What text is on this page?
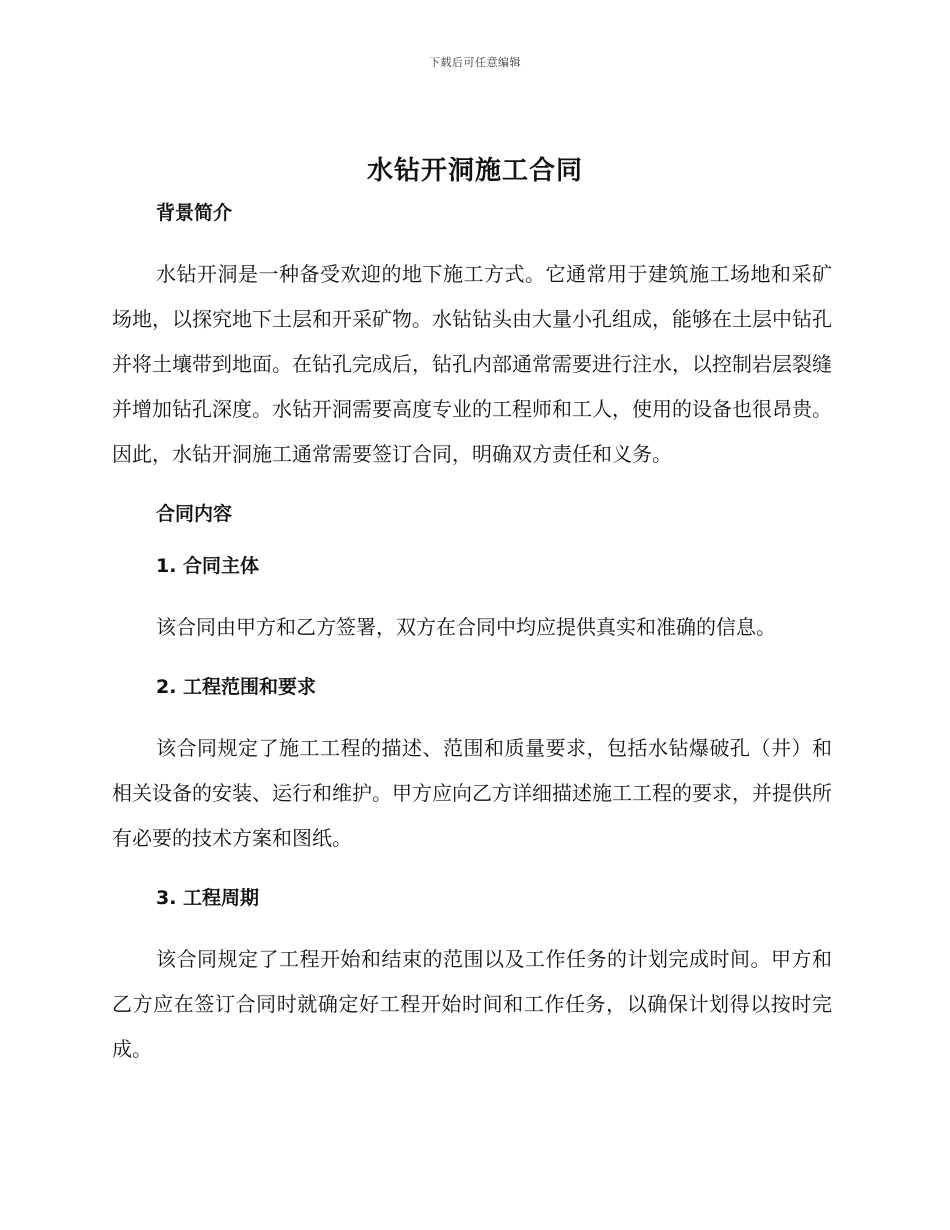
下载后可任意编辑
水钻开洞施工合同
背景简介

水钻开洞是一种备受欢迎的地下施工方式。它通常用于建筑施工场地和采矿场地，以探究地下土层和开采矿物。水钻钻头由大量小孔组成，能够在土层中钻孔并将土壤带到地面。在钻孔完成后，钻孔内部通常需要进行注水，以控制岩层裂缝并增加钻孔深度。水钻开洞需要高度专业的工程师和工人，使用的设备也很昂贵。因此，水钻开洞施工通常需要签订合同，明确双方责任和义务。

合同内容
1. 合同主体

该合同由甲方和乙方签署，双方在合同中均应提供真实和准确的信息。

2. 工程范围和要求

该合同规定了施工工程的描述、范围和质量要求，包括水钻爆破孔（井）和相关设备的安装、运行和维护。甲方应向乙方详细描述施工工程的要求，并提供所有必要的技术方案和图纸。

3. 工程周期

该合同规定了工程开始和结束的范围以及工作任务的计划完成时间。甲方和乙方应在签订合同时就确定好工程开始时间和工作任务，以确保计划得以按时完成。
